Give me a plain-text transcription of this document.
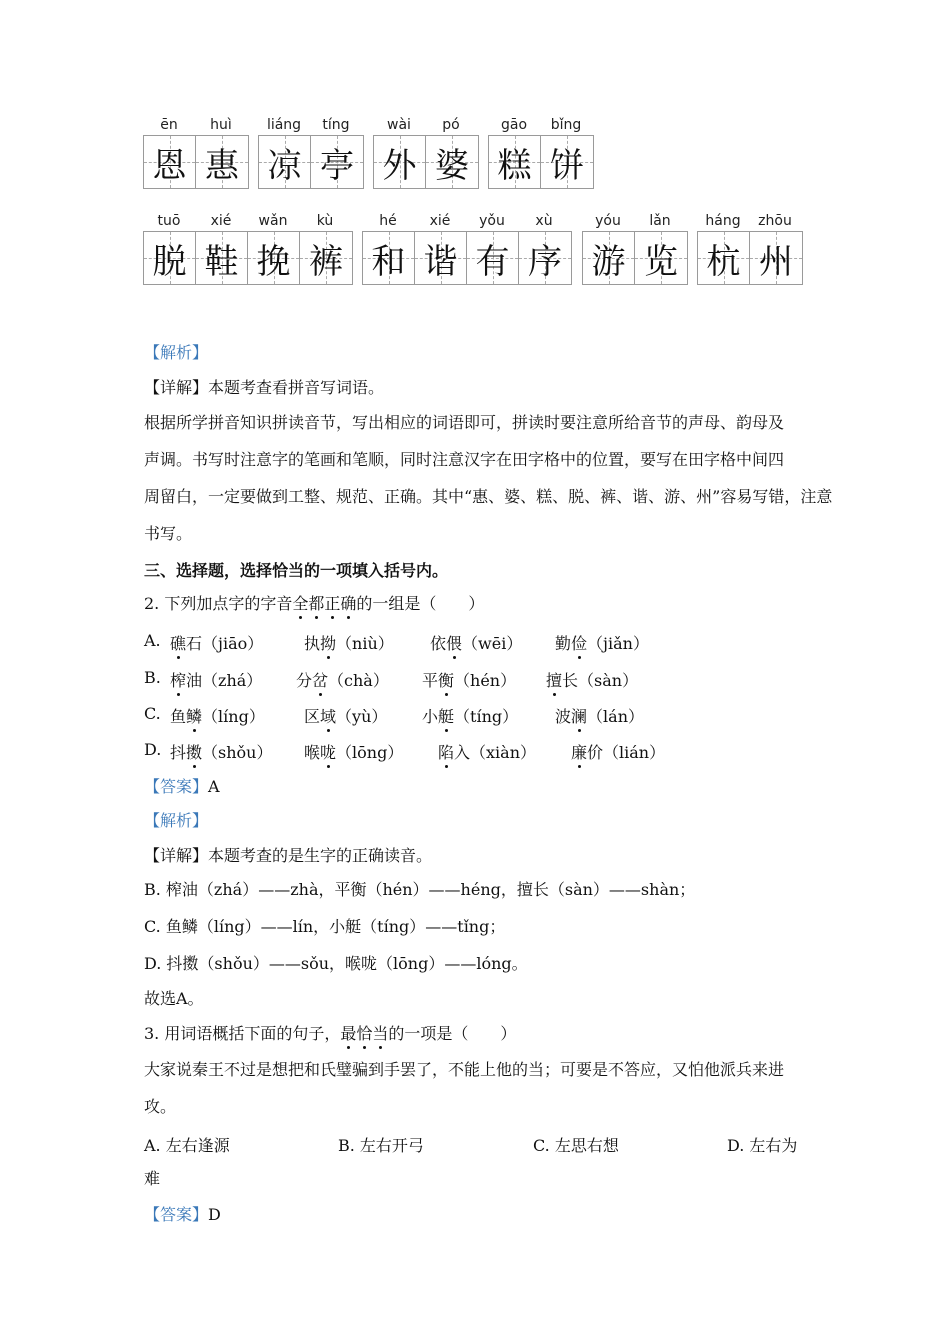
ēn	huì
恩 惠
liáng	tíng
凉 亭
wài	pó
外 婆
gāo	bǐng
糕 饼
tuō	xié	wǎn	kù
脱 鞋 挽 裤
hé	xié	yǒu	xù
和 谐 有 序
yóu	lǎn
游 览
háng	zhōu
杭 州
【解析】
【详解】本题考查看拼音写词语。
根据所学拼音知识拼读音节，写出相应的词语即可，拼读时要注意所给音节的声母、韵母及
声调。书写时注意字的笔画和笔顺，同时注意汉字在田字格中的位置，要写在田字格中间四
周留白，一定要做到工整、规范、正确。其中“惠、婆、糕、脱、裤、谐、游、州”容易写错，注意
书写。
三、选择题，选择恰当的一项填入括号内。
2. 下列加点字的字音全都正确的一组是（　　）
A. 礁石（jiāo）	执拗（niù） 依偎（wēi） 勤俭（jiǎn）
B. 榨油（zhá） 分岔（chà） 平衡（hén） 擅长（sàn）
C. 鱼鳞（líng） 区域（yù） 小艇（tíng） 波澜（lán）
D. 抖擞（shǒu） 喉咙（lōng） 陷入（xiàn） 廉价（lián）
【答案】A
【解析】
【详解】本题考查的是生字的正确读音。
B. 榨油（zhá）——zhà，平衡（hén）——héng，擅长（sàn）——shàn；
C. 鱼鳞（líng）——lín，小艇（tíng）——tǐng；
D. 抖擞（shǒu）——sǒu，喉咙（lōng）——lóng。
故选A。
3. 用词语概括下面的句子，最恰当的一项是（　　）
大家说秦王不过是想把和氏璧骗到手罢了，不能上他的当；可要是不答应，又怕他派兵来进
攻。
A. 左右逢源	B. 左右开弓	C. 左思右想	D. 左右为
难
【答案】D
